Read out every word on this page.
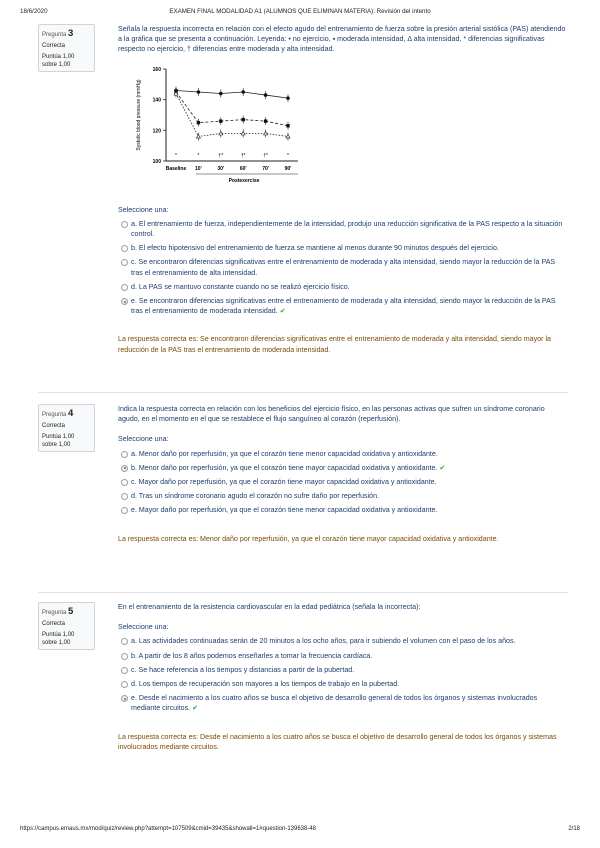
18/6/2020	EXAMEN FINAL MODALIDAD A1 (ALUMNOS QUE ELIMINAN MATERIA): Revisión del intento
Pregunta 3
Correcta
Puntúa 1,00
sobre 1,00
Señala la respuesta incorrecta en relación con el efecto agudo del entrenamiento de fuerza sobre la presión arterial sistólica (PAS) atendiendo a la gráfica que se presenta a continuación. Leyenda: • no ejercicio, ▪ moderada intensidad, Δ alta intensidad, * diferencias significativas respecto no ejercicio, † diferencias entre moderada y alta intensidad.
100
120
140
160
Baseline 10'	30'	60'	70'	90'
Postexercise
Systolic blood pressure (mmHg)
*	*	†*	†*	†*	*
Seleccione una:
a. El entrenamiento de fuerza, independientemente de la intensidad, produjo una reducción significativa de la PAS respecto a la situación control.
b. El efecto hipotensivo del entrenamiento de fuerza se mantiene al menos durante 90 minutos después del ejercicio.
c. Se encontraron diferencias significativas entre el entrenamiento de moderada y alta intensidad, siendo mayor la reducción de la PAS tras el entrenamiento de alta intensidad.
d. La PAS se mantuvo constante cuando no se realizó ejercicio físico.
e. Se encontraron diferencias significativas entre el entrenamiento de moderada y alta intensidad, siendo mayor la reducción de la PAS tras el entrenamiento de moderada intensidad. ✔
La respuesta correcta es: Se encontraron diferencias significativas entre el entrenamiento de moderada y alta intensidad, siendo mayor la reducción de la PAS tras el entrenamiento de moderada intensidad.
Pregunta 4
Correcta
Puntúa 1,00
sobre 1,00
Indica la respuesta correcta en relación con los beneficios del ejercicio físico, en las personas activas que sufren un síndrome coronario agudo, en el momento en el que se restablece el flujo sanguíneo al corazón (reperfusión).
Seleccione una:
a. Menor daño por reperfusión, ya que el corazón tiene menor capacidad oxidativa y antioxidante.
b. Menor daño por reperfusión, ya que el corazón tiene mayor capacidad oxidativa y antioxidante. ✔
c. Mayor daño por reperfusión, ya que el corazón tiene mayor capacidad oxidativa y antioxidante.
d. Tras un síndrome coronario agudo el corazón no sufre daño por reperfusión.
e. Mayor daño por reperfusión, ya que el corazón tiene menor capacidad oxidativa y antioxidante.
La respuesta correcta es: Menor daño por reperfusión, ya que el corazón tiene mayor capacidad oxidativa y antioxidante.
Pregunta 5
Correcta
Puntúa 1,00
sobre 1,00
En el entrenamiento de la resistencia cardiovascular en la edad pediátrica (señala la incorrecta):
Seleccione una:
a. Las actividades continuadas serán de 20 minutos a los ocho años, para ir subiendo el volumen con el paso de los años.
b. A partir de los 8 años podemos enseñarles a tomar la frecuencia cardíaca.
c. Se hace referencia a los tiempos y distancias a partir de la pubertad.
d. Los tiempos de recuperación son mayores a los tiempos de trabajo en la pubertad.
e. Desde el nacimiento a los cuatro años se busca el objetivo de desarrollo general de todos los órganos y sistemas involucrados mediante circuitos. ✔
La respuesta correcta es: Desde el nacimiento a los cuatro años se busca el objetivo de desarrollo general de todos los órganos y sistemas involucrados mediante circuitos.
https://campus.emaus.mx/mod/quiz/review.php?attempt=107509&cmid=39435&showall=1#question-139638-48	2/18
